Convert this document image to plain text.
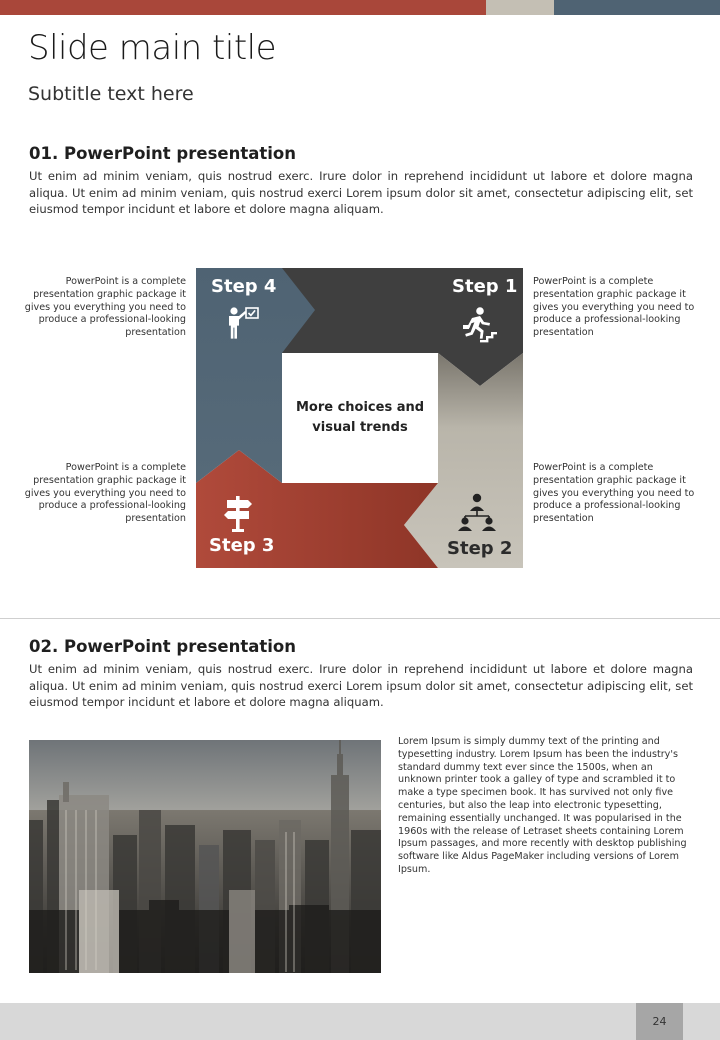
Slide main title
Subtitle text here
01. PowerPoint presentation
Ut enim ad minim veniam, quis nostrud exerc. Irure dolor in reprehend incididunt ut labore et dolore magna aliqua. Ut enim ad minim veniam, quis nostrud exerci Lorem ipsum dolor sit amet, consectetur adipiscing elit, set eiusmod tempor incidunt et labore et dolore magna aliquam.
PowerPoint is a complete presentation graphic package it gives you everything you need to produce a professional-looking presentation
PowerPoint is a complete presentation graphic package it gives you everything you need to produce a professional-looking presentation
PowerPoint is a complete presentation graphic package it gives you everything you need to produce a professional-looking presentation
PowerPoint is a complete presentation graphic package it gives you everything you need to produce a professional-looking presentation
Step 4	Step 1
Step 3	Step 2
More choices and visual trends
02. PowerPoint presentation
Ut enim ad minim veniam, quis nostrud exerc. Irure dolor in reprehend incididunt ut labore et dolore magna aliqua. Ut enim ad minim veniam, quis nostrud exerci Lorem ipsum dolor sit amet, consectetur adipiscing elit, set eiusmod tempor incidunt et labore et dolore magna aliquam.
Lorem Ipsum is simply dummy text of the printing and typesetting industry. Lorem Ipsum has been the industry's standard dummy text ever since the 1500s, when an unknown printer took a galley of type and scrambled it to make a type specimen book. It has survived not only five centuries, but also the leap into electronic typesetting, remaining essentially unchanged. It was popularised in the 1960s with the release of Letraset sheets containing Lorem Ipsum passages, and more recently with desktop publishing software like Aldus PageMaker including versions of Lorem Ipsum.
24
